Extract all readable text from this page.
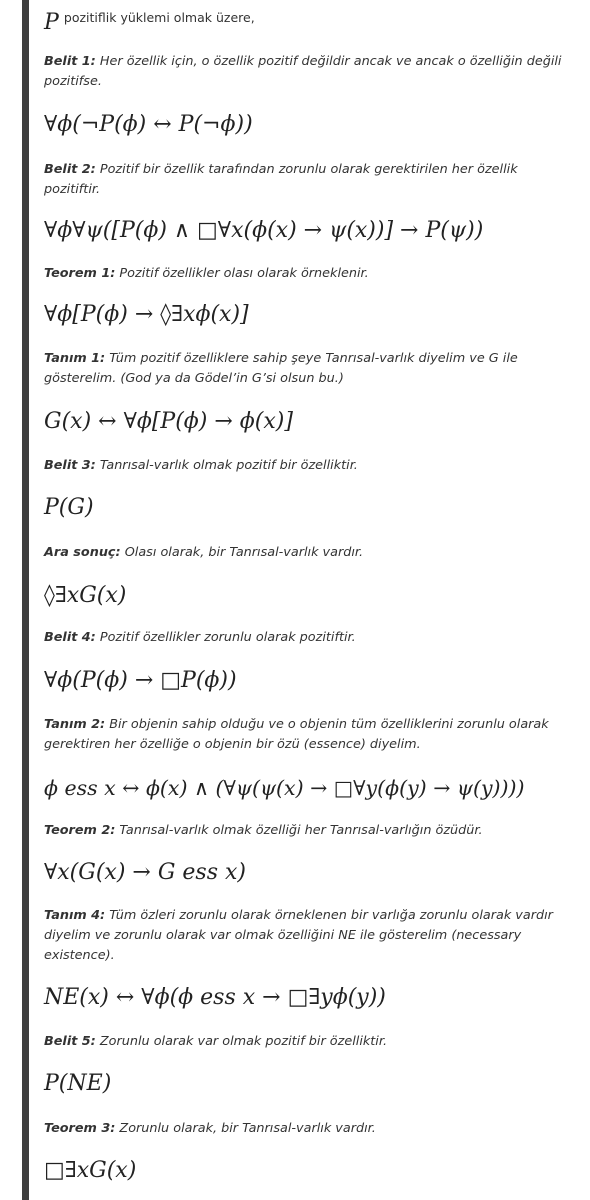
P $^{pozitiflik yüklemi olmak üzere,}$
Belit 1: Her özellik için, o özellik pozitif değildir ancak ve ancak o özelliğin değili pozitifse.
∀ϕ(¬P(ϕ) ↔ P(¬ϕ))
Belit 2: Pozitif bir özellik tarafından zorunlu olarak gerektirilen her özellik pozitiftir.
∀ϕ∀ψ([P(ϕ) ∧ □∀x(ϕ(x) → ψ(x))] → P(ψ))
Teorem 1: Pozitif özellikler olası olarak örneklenir.
∀ϕ[P(ϕ) → ◊∃xϕ(x)]
Tanım 1: Tüm pozitif özelliklere sahip şeye Tanrısal-varlık diyelim ve G ile gösterelim. (God ya da Gödel’in G’si olsun bu.)
G(x) ↔ ∀ϕ[P(ϕ) → ϕ(x)]
Belit 3: Tanrısal-varlık olmak pozitif bir özelliktir.
P(G)
Ara sonuç: Olası olarak, bir Tanrısal-varlık vardır.
◊∃xG(x)
Belit 4: Pozitif özellikler zorunlu olarak pozitiftir.
∀ϕ(P(ϕ) → □P(ϕ))
Tanım 2: Bir objenin sahip olduğu ve o objenin tüm özelliklerini zorunlu olarak gerektiren her özelliğe o objenin bir özü (essence) diyelim.
ϕ ess x ↔ ϕ(x) ∧ (∀ψ(ψ(x) → □∀y(ϕ(y) → ψ(y))))
Teorem 2: Tanrısal-varlık olmak özelliği her Tanrısal-varlığın özüdür.
∀x(G(x) → G ess x)
Tanım 4: Tüm özleri zorunlu olarak örneklenen bir varlığa zorunlu olarak vardır diyelim ve zorunlu olarak var olmak özelliğini NE ile gösterelim (necessary existence).
NE(x) ↔ ∀ϕ(ϕ ess x → □∃yϕ(y))
Belit 5: Zorunlu olarak var olmak pozitif bir özelliktir.
P(NE)
Teorem 3: Zorunlu olarak, bir Tanrısal-varlık vardır.
□∃xG(x)
